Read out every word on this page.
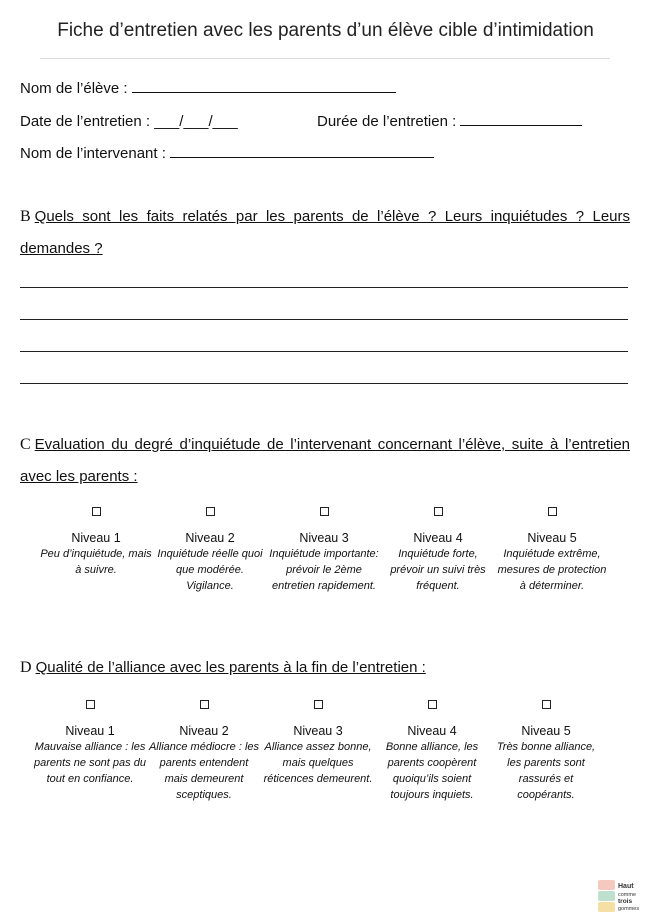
Fiche d’entretien avec les parents d’un élève cible d’intimidation
Nom de l’élève :
Date de l’entretien : ___/___/___	Durée de l’entretien :
Nom de l’intervenant :
B Quels sont les faits relatés par les parents de l’élève ? Leurs inquiétudes ? Leurs demandes ?
C Evaluation du degré d’inquiétude de l’intervenant concernant l’élève, suite à l’entretien avec les parents :
Niveau 1
Peu d’inquiétude, mais à suivre.
Niveau 2
Inquiétude réelle quoi que modérée. Vigilance.
Niveau 3
Inquiétude importante: prévoir le 2ème entretien rapidement.
Niveau 4
Inquiétude forte, prévoir un suivi très fréquent.
Niveau 5
Inquiétude extrême, mesures de protection à déterminer.
D Qualité de l’alliance avec les parents à la fin de l’entretien :
Niveau 1
Mauvaise alliance : les parents ne sont pas du tout en confiance.
Niveau 2
Alliance médiocre : les parents entendent mais demeurent sceptiques.
Niveau 3
Alliance assez bonne, mais quelques réticences demeurent.
Niveau 4
Bonne alliance, les parents coopèrent quoiqu’ils soient toujours inquiets.
Niveau 5
Très bonne alliance, les parents sont rassurés et coopérants.
Haut
comme
trois
gommes
